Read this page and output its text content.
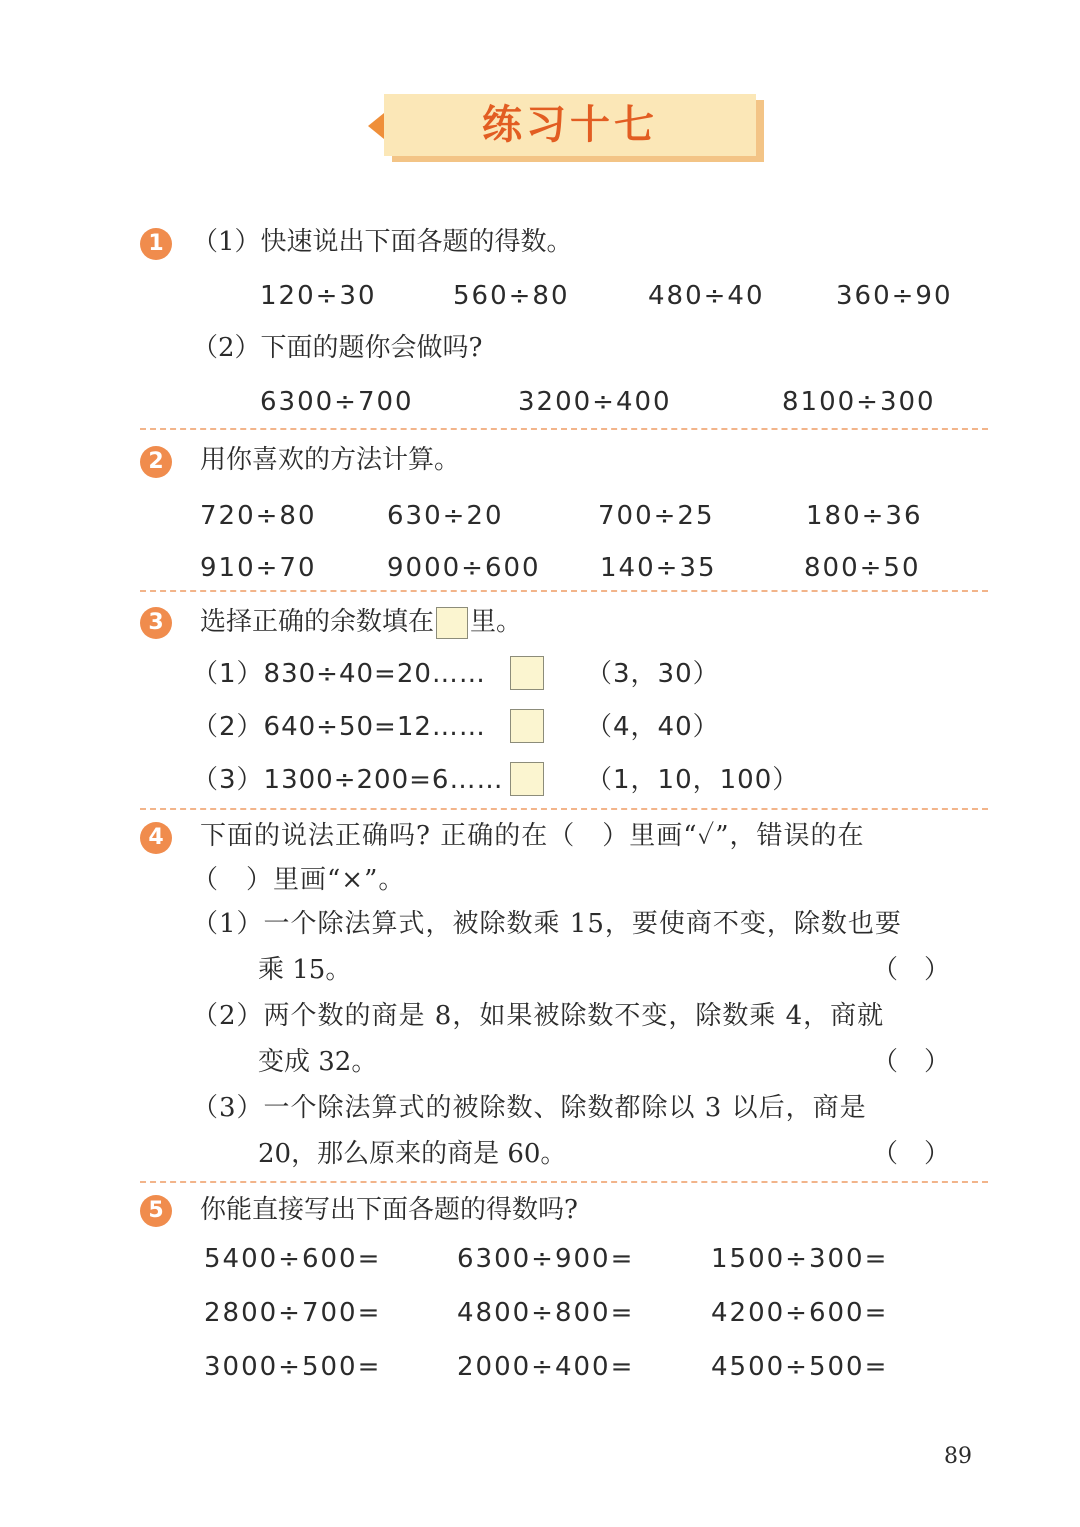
练习十七
1	（1）快速说出下面各题的得数。
120÷30	560÷80	480÷40	360÷90
（2）下面的题你会做吗?
6300÷700	3200÷400	8100÷300
2	用你喜欢的方法计算。
720÷80	630÷20	700÷25	180÷36
910÷70	9000÷600 140÷35	800÷50
3	选择正确的余数填在 里。
（1）830÷40=20……	（3，30）
（2）640÷50=12……	（4，40）
（3）1300÷200=6……	（1，10，100）
4	下面的说法正确吗? 正确的在（　）里画“✓”，错误的在
（　）里画“×”。
（1）一个除法算式，被除数乘 15，要使商不变，除数也要
乘 15。	（　）
（2）两个数的商是 8，如果被除数不变，除数乘 4，商就
变成 32。	（　）
（3）一个除法算式的被除数、除数都除以 3 以后，商是
20，那么原来的商是 60。	（　）
5	你能直接写出下面各题的得数吗?
5400÷600=	6300÷900=	1500÷300=
2800÷700=	4800÷800=	4200÷600=
3000÷500=	2000÷400=	4500÷500=
89
